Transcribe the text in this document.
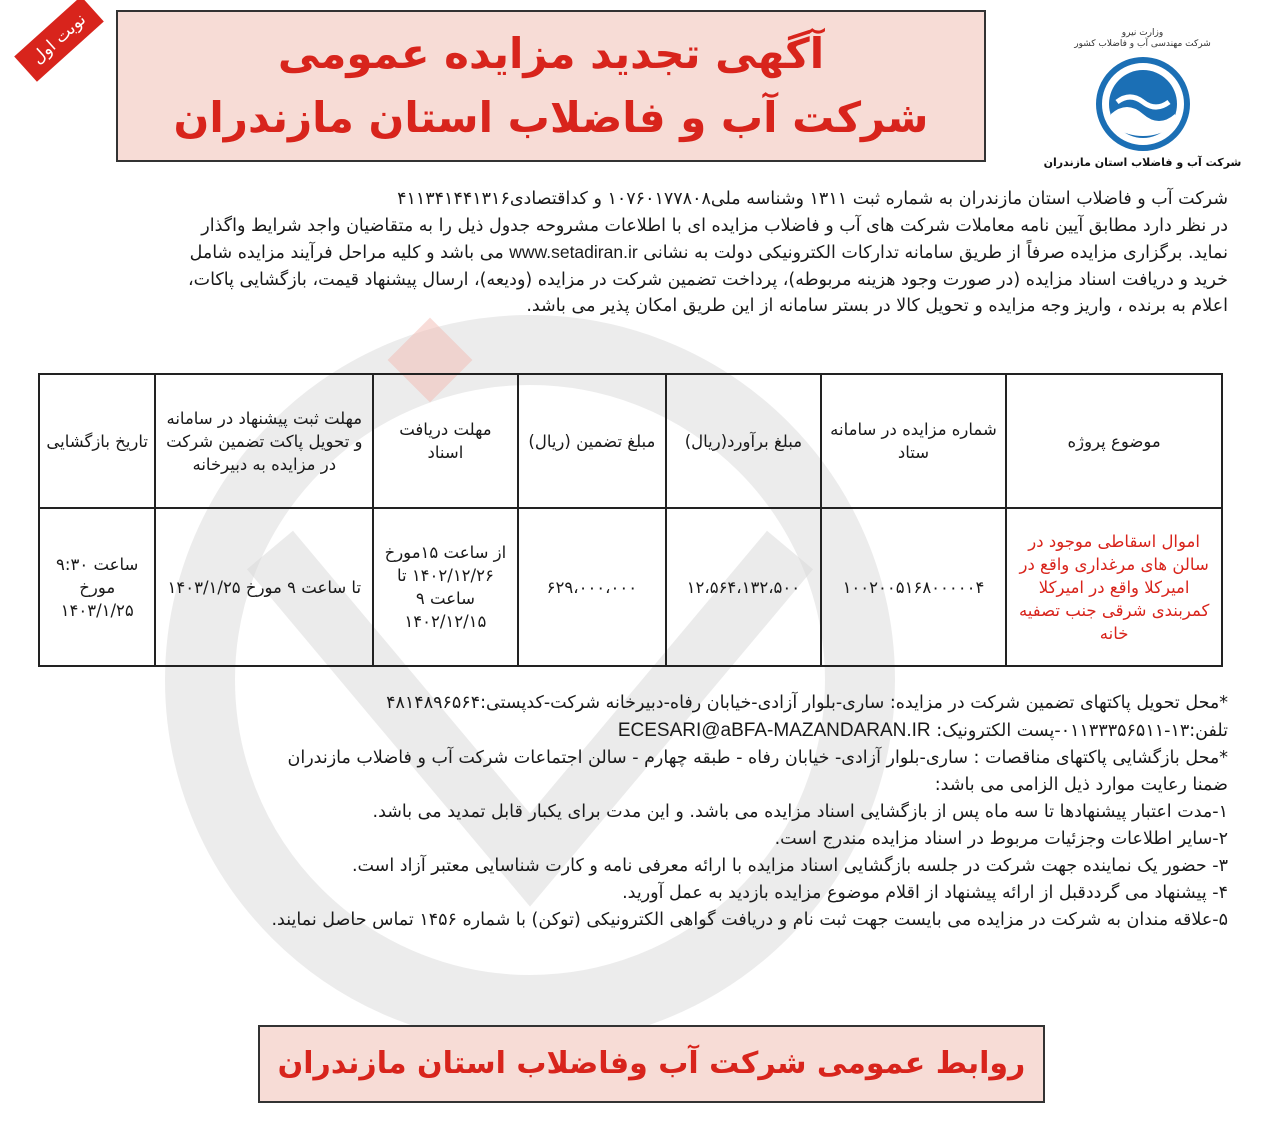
نوبت اول	آگهی تجدید مزایده عمومی
شرکت آب و فاضلاب استان مازندران
وزارت نیرو
شرکت مهندسی آب و فاضلاب کشور
شرکت آب و فاضلاب استان مازندران

شرکت آب و فاضلاب استان مازندران به شماره ثبت ۱۳۱۱ وشناسه ملی۱۰۷۶۰۱۷۷۸۰۸ و کداقتصادی۴۱۱۳۴۱۴۴۱۳۱۶

در نظر دارد مطابق آیین نامه معاملات شرکت های آب و فاضلاب مزایده ای با اطلاعات مشروحه جدول ذیل را به متقاضیان واجد شرایط واگذار

نماید. برگزاری مزایده صرفاً از طریق سامانه تدارکات الکترونیکی دولت به نشانی www.setadiran.ir می باشد و کلیه مراحل فرآیند مزایده شامل

خرید و دریافت اسناد مزایده (در صورت وجود هزینه مربوطه)، پرداخت تضمین شرکت در مزایده (ودیعه)، ارسال پیشنهاد قیمت، بازگشایی پاکات،

اعلام به برنده ، واریز وجه مزایده و تحویل کالا در بستر سامانه از این طریق امکان پذیر می باشد.

موضوع پروژه	شماره مزایده در سامانه ستاد	مبلغ برآورد(ریال)	مبلغ تضمین (ریال)	مهلت دریافت اسناد	مهلت ثبت پیشنهاد در سامانه و تحویل پاکت تضمین شرکت در مزایده به دبیرخانه	تاریخ بازگشایی
اموال اسقاطی موجود در سالن های مرغداری واقع در امیرکلا واقع در امیرکلا کمربندی شرقی جنب تصفیه خانه	۱۰۰۲۰۰۵۱۶۸۰۰۰۰۰۴	۱۲،۵۶۴،۱۳۲،۵۰۰	۶۲۹،۰۰۰،۰۰۰	از ساعت ۱۵مورخ ۱۴۰۲/۱۲/۲۶ تا ساعت ۹ ۱۴۰۲/۱۲/۱۵	تا ساعت ۹ مورخ ۱۴۰۳/۱/۲۵	ساعت ۹:۳۰ مورخ ۱۴۰۳/۱/۲۵

*محل تحویل پاکتهای تضمین شرکت در مزایده: ساری-بلوار آزادی-خیابان رفاه-دبیرخانه شرکت-کدپستی:۴۸۱۴۸۹۶۵۶۴

تلفن:۱۳-۰۱۱۳۳۳۵۶۵۱۱-پست الکترونیک: ECESARI@aBFA-MAZANDARAN.IR

*محل بازگشایی پاکتهای مناقصات : ساری-بلوار آزادی- خیابان رفاه - طبقه چهارم - سالن اجتماعات شرکت آب و فاضلاب مازندران

ضمنا رعایت موارد ذیل الزامی می باشد:

۱-مدت اعتبار پیشنهادها تا سه ماه پس از بازگشایی اسناد مزایده می باشد. و این مدت برای یکبار قابل تمدید می باشد.

۲-سایر اطلاعات وجزئیات مربوط در اسناد مزایده مندرج است.

۳- حضور یک نماینده جهت شرکت در جلسه بازگشایی اسناد مزایده با ارائه معرفی نامه و کارت شناسایی معتبر آزاد است.

۴- پیشنهاد می گرددقبل از ارائه پیشنهاد از اقلام موضوع مزایده بازدید به عمل آورید.

۵-علاقه مندان به شرکت در مزایده می بایست جهت ثبت نام و دریافت گواهی الکترونیکی (توکن) با شماره ۱۴۵۶ تماس حاصل نمایند.

روابط عمومی شرکت آب وفاضلاب استان مازندران
